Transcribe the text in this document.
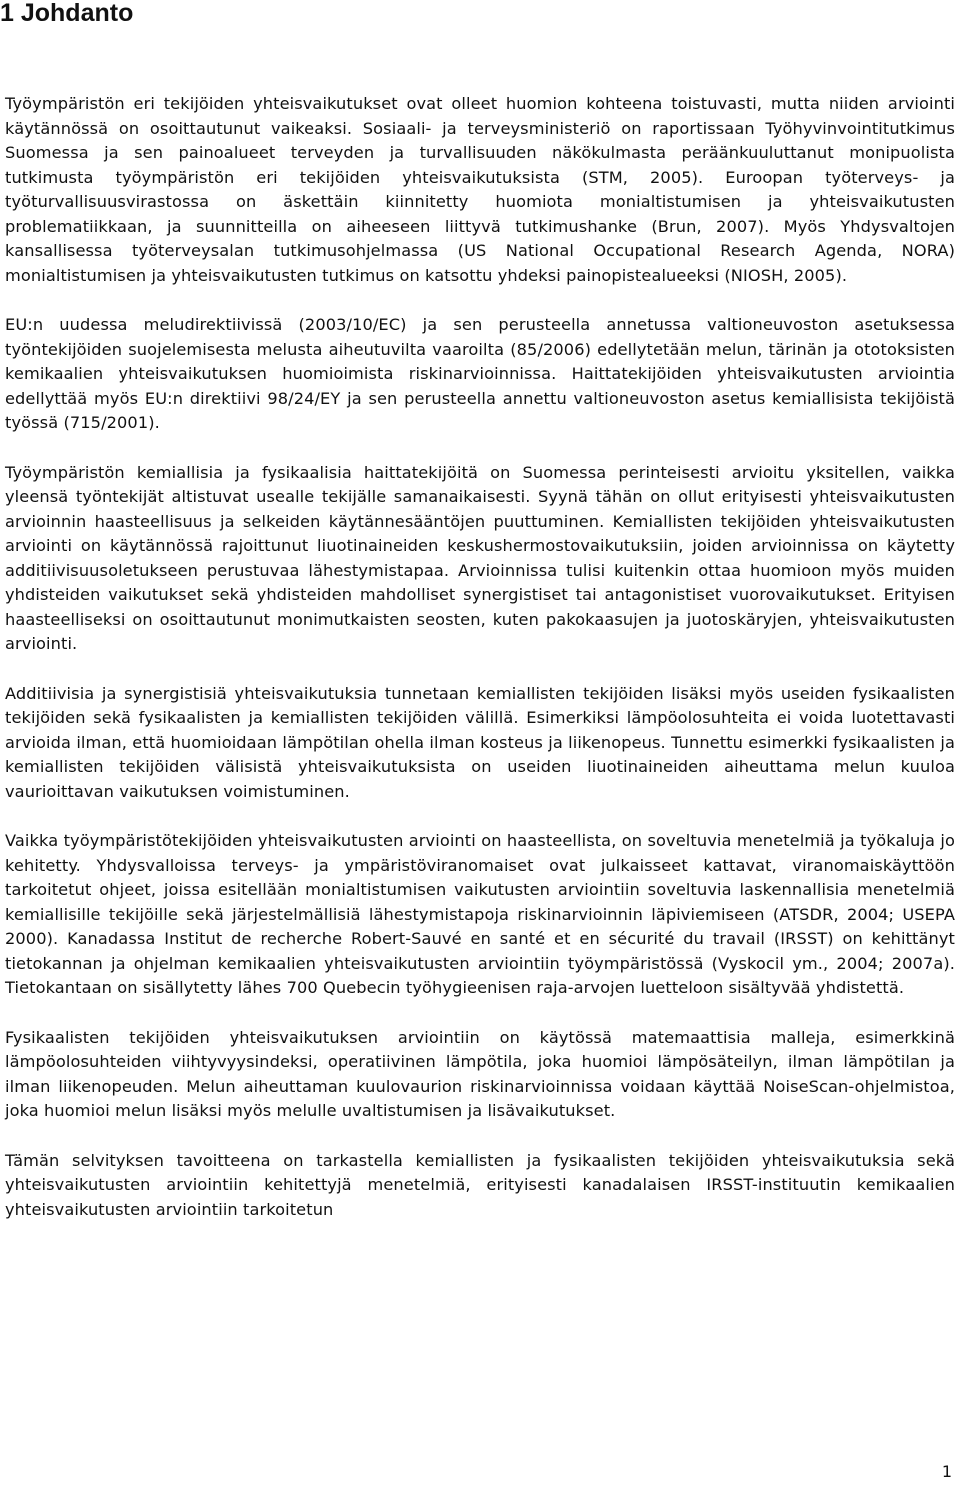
1 Johdanto

Työympäristön eri tekijöiden yhteisvaikutukset ovat olleet huomion kohteena toistuvasti, mutta niiden arviointi käytännössä on osoittautunut vaikeaksi. Sosiaali- ja terveysministeriö on raportissaan Työhyvinvointitutkimus Suomessa ja sen painoalueet terveyden ja turvallisuuden näkökulmasta peräänkuuluttanut monipuolista tutkimusta työympäristön eri tekijöiden yhteisvaikutuksista (STM, 2005). Euroopan työterveys- ja työturvallisuusvirastossa on äskettäin kiinnitetty huomiota monialtistumisen ja yhteisvaikutusten problematiikkaan, ja suunnitteilla on aiheeseen liittyvä tutkimushanke (Brun, 2007). Myös Yhdysvaltojen kansallisessa työterveysalan tutkimusohjelmassa (US National Occupational Research Agenda, NORA) monialtistumisen ja yhteisvaikutusten tutkimus on katsottu yhdeksi painopistealueeksi (NIOSH, 2005).

EU:n uudessa meludirektiivissä (2003/10/EC) ja sen perusteella annetussa valtioneuvoston asetuksessa työntekijöiden suojelemisesta melusta aiheutuvilta vaaroilta (85/2006) edellytetään melun, tärinän ja ototoksisten kemikaalien yhteisvaikutuksen huomioimista riskinarvioinnissa. Haittatekijöiden yhteisvaikutusten arviointia edellyttää myös EU:n direktiivi 98/24/EY ja sen perusteella annettu valtioneuvoston asetus kemiallisista tekijöistä työssä (715/2001).

Työympäristön kemiallisia ja fysikaalisia haittatekijöitä on Suomessa perinteisesti arvioitu yksitellen, vaikka yleensä työntekijät altistuvat usealle tekijälle samanaikaisesti. Syynä tähän on ollut erityisesti yhteisvaikutusten arvioinnin haasteellisuus ja selkeiden käytännesääntöjen puuttuminen. Kemiallisten tekijöiden yhteisvaikutusten arviointi on käytännössä rajoittunut liuotinaineiden keskushermostovaikutuksiin, joiden arvioinnissa on käytetty additiivisuusoletukseen perustuvaa lähestymistapaa. Arvioinnissa tulisi kuitenkin ottaa huomioon myös muiden yhdisteiden vaikutukset sekä yhdisteiden mahdolliset synergistiset tai antagonistiset vuorovaikutukset. Erityisen haasteelliseksi on osoittautunut monimutkaisten seosten, kuten pakokaasujen ja juotoskäryjen, yhteisvaikutusten arviointi.

Additiivisia ja synergistisiä yhteisvaikutuksia tunnetaan kemiallisten tekijöiden lisäksi myös useiden fysikaalisten tekijöiden sekä fysikaalisten ja kemiallisten tekijöiden välillä. Esimerkiksi lämpöolosuhteita ei voida luotettavasti arvioida ilman, että huomioidaan lämpötilan ohella ilman kosteus ja liikenopeus. Tunnettu esimerkki fysikaalisten ja kemiallisten tekijöiden välisistä yhteisvaikutuksista on useiden liuotinaineiden aiheuttama melun kuuloa vaurioittavan vaikutuksen voimistuminen.

Vaikka työympäristötekijöiden yhteisvaikutusten arviointi on haasteellista, on soveltuvia menetelmiä ja työkaluja jo kehitetty. Yhdysvalloissa terveys- ja ympäristöviranomaiset ovat julkaisseet kattavat, viranomaiskäyttöön tarkoitetut ohjeet, joissa esitellään monialtistumisen vaikutusten arviointiin soveltuvia laskennallisia menetelmiä kemiallisille tekijöille sekä järjestelmällisiä lähestymistapoja riskinarvioinnin läpiviemiseen (ATSDR, 2004; USEPA 2000). Kanadassa Institut de recherche Robert-Sauvé en santé et en sécurité du travail (IRSST) on kehittänyt tietokannan ja ohjelman kemikaalien yhteisvaikutusten arviointiin työympäristössä (Vyskocil ym., 2004; 2007a). Tietokantaan on sisällytetty lähes 700 Quebecin työhygieenisen raja-arvojen luetteloon sisältyvää yhdistettä.

Fysikaalisten tekijöiden yhteisvaikutuksen arviointiin on käytössä matemaattisia malleja, esimerkkinä lämpöolosuhteiden viihtyvyysindeksi, operatiivinen lämpötila, joka huomioi lämpösäteilyn, ilman lämpötilan ja ilman liikenopeuden. Melun aiheuttaman kuulovaurion riskinarvioinnissa voidaan käyttää NoiseScan-ohjelmistoa, joka huomioi melun lisäksi myös melulle uvaltistumisen ja lisävaikutukset.

Tämän selvityksen tavoitteena on tarkastella kemiallisten ja fysikaalisten tekijöiden yhteisvaikutuksia sekä yhteisvaikutusten arviointiin kehitettyjä menetelmiä, erityisesti kanadalaisen IRSST-instituutin kemikaalien yhteisvaikutusten arviointiin tarkoitetun

1
